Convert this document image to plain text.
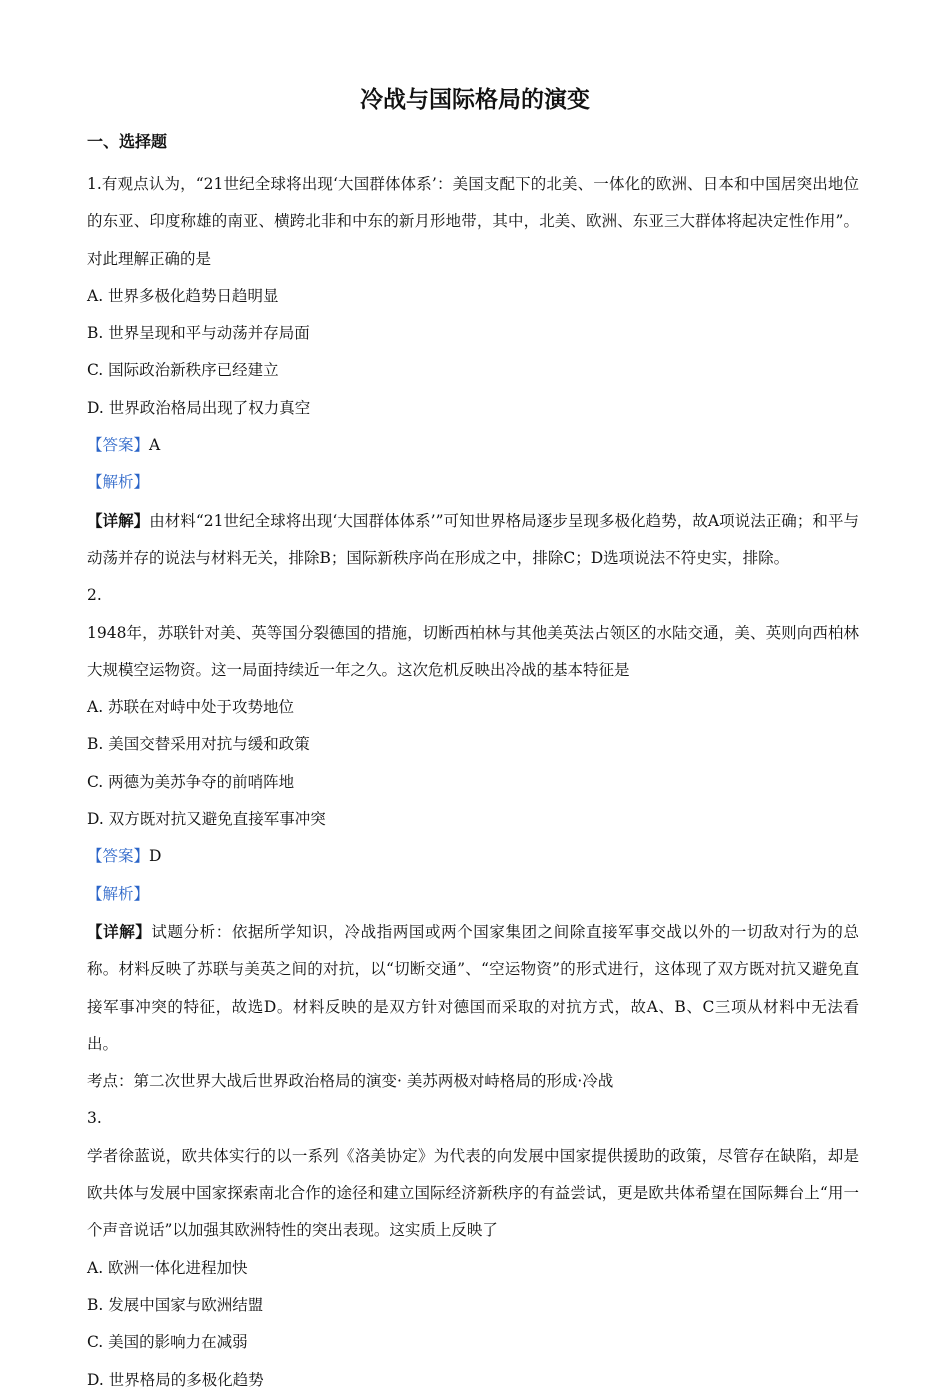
冷战与国际格局的演变
一、选择题

1.有观点认为，“21世纪全球将出现‘大国群体体系’：美国支配下的北美、一体化的欧洲、日本和中国居突出地位的东亚、印度称雄的南亚、横跨北非和中东的新月形地带，其中，北美、欧洲、东亚三大群体将起决定性作用”。对此理解正确的是

A. 世界多极化趋势日趋明显
B. 世界呈现和平与动荡并存局面
C. 国际政治新秩序已经建立
D. 世界政治格局出现了权力真空

【答案】A

【解析】

【详解】由材料“21世纪全球将出现‘大国群体体系’”可知世界格局逐步呈现多极化趋势，故A项说法正确；和平与动荡并存的说法与材料无关，排除B；国际新秩序尚在形成之中，排除C；D选项说法不符史实，排除。

2.

1948年，苏联针对美、英等国分裂德国的措施，切断西柏林与其他美英法占领区的水陆交通，美、英则向西柏林大规模空运物资。这一局面持续近一年之久。这次危机反映出冷战的基本特征是

A. 苏联在对峙中处于攻势地位
B. 美国交替采用对抗与缓和政策
C. 两德为美苏争夺的前哨阵地
D. 双方既对抗又避免直接军事冲突

【答案】D

【解析】

【详解】试题分析：依据所学知识，冷战指两国或两个国家集团之间除直接军事交战以外的一切敌对行为的总称。材料反映了苏联与美英之间的对抗，以“切断交通”、“空运物资”的形式进行，这体现了双方既对抗又避免直接军事冲突的特征，故选D。材料反映的是双方针对德国而采取的对抗方式，故A、B、C三项从材料中无法看出。

考点：第二次世界大战后世界政治格局的演变· 美苏两极对峙格局的形成·冷战

3.

学者徐蓝说，欧共体实行的以一系列《洛美协定》为代表的向发展中国家提供援助的政策，尽管存在缺陷，却是欧共体与发展中国家探索南北合作的途径和建立国际经济新秩序的有益尝试，更是欧共体希望在国际舞台上“用一个声音说话”以加强其欧洲特性的突出表现。这实质上反映了

A. 欧洲一体化进程加快
B. 发展中国家与欧洲结盟
C. 美国的影响力在减弱
D. 世界格局的多极化趋势
